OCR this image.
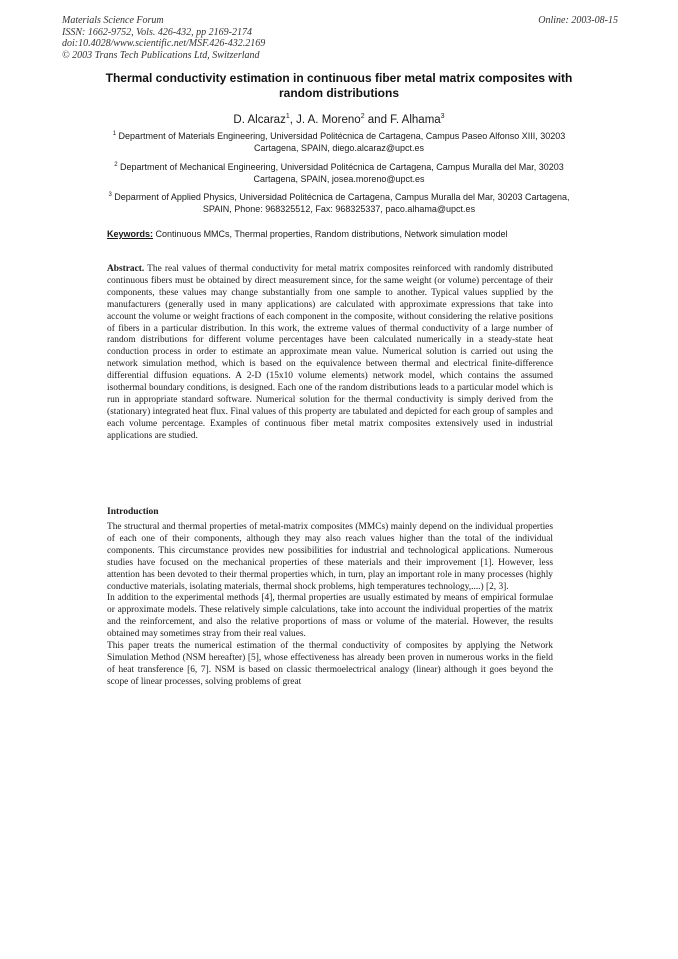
Materials Science Forum
ISSN: 1662-9752, Vols. 426-432, pp 2169-2174
doi:10.4028/www.scientific.net/MSF.426-432.2169
© 2003 Trans Tech Publications Ltd, Switzerland
Online: 2003-08-15
Thermal conductivity estimation in continuous fiber metal matrix composites with random distributions
D. Alcaraz$^1$, J. A. Moreno$^2$ and F. Alhama$^3$
$^1$ Department of Materials Engineering, Universidad Politécnica de Cartagena, Campus Paseo Alfonso XIII, 30203 Cartagena, SPAIN, diego.alcaraz@upct.es
$^2$ Department of Mechanical Engineering, Universidad Politécnica de Cartagena, Campus Muralla del Mar, 30203 Cartagena, SPAIN, josea.moreno@upct.es
$^3$ Deparment of Applied Physics, Universidad Politécnica de Cartagena, Campus Muralla del Mar, 30203 Cartagena, SPAIN, Phone: 968325512, Fax: 968325337, paco.alhama@upct.es
Keywords: Continuous MMCs, Thermal properties, Random distributions, Network simulation model
Abstract. The real values of thermal conductivity for metal matrix composites reinforced with randomly distributed continuous fibers must be obtained by direct measurement since, for the same weight (or volume) percentage of their components, these values may change substantially from one sample to another. Typical values supplied by the manufacturers (generally used in many applications) are calculated with approximate expressions that take into account the volume or weight fractions of each component in the composite, without considering the relative positions of fibers in a particular distribution. In this work, the extreme values of thermal conductivity of a large number of random distributions for different volume percentages have been calculated numerically in a steady-state heat conduction process in order to estimate an approximate mean value. Numerical solution is carried out using the network simulation method, which is based on the equivalence between thermal and electrical finite-difference differential diffusion equations. A 2-D (15x10 volume elements) network model, which contains the assumed isothermal boundary conditions, is designed. Each one of the random distributions leads to a particular model which is run in appropriate standard software. Numerical solution for the thermal conductivity is simply derived from the (stationary) integrated heat flux. Final values of this property are tabulated and depicted for each group of samples and each volume percentage. Examples of continuous fiber metal matrix composites extensively used in industrial applications are studied.
Introduction

The structural and thermal properties of metal-matrix composites (MMCs) mainly depend on the individual properties of each one of their components, although they may also reach values higher than the total of the individual components. This circumstance provides new possibilities for industrial and technological applications. Numerous studies have focused on the mechanical properties of these materials and their improvement [1]. However, less attention has been devoted to their thermal properties which, in turn, play an important role in many processes (highly conductive materials, isolating materials, thermal shock problems, high temperatures technology,....) [2, 3].

In addition to the experimental methods [4], thermal properties are usually estimated by means of empirical formulae or approximate models. These relatively simple calculations, take into account the individual properties of the matrix and the reinforcement, and also the relative proportions of mass or volume of the material. However, the results obtained may sometimes stray from their real values.

This paper treats the numerical estimation of the thermal conductivity of composites by applying the Network Simulation Method (NSM hereafter) [5], whose effectiveness has already been proven in numerous works in the field of heat transference [6, 7]. NSM is based on classic thermoelectrical analogy (linear) although it goes beyond the scope of linear processes, solving problems of great
